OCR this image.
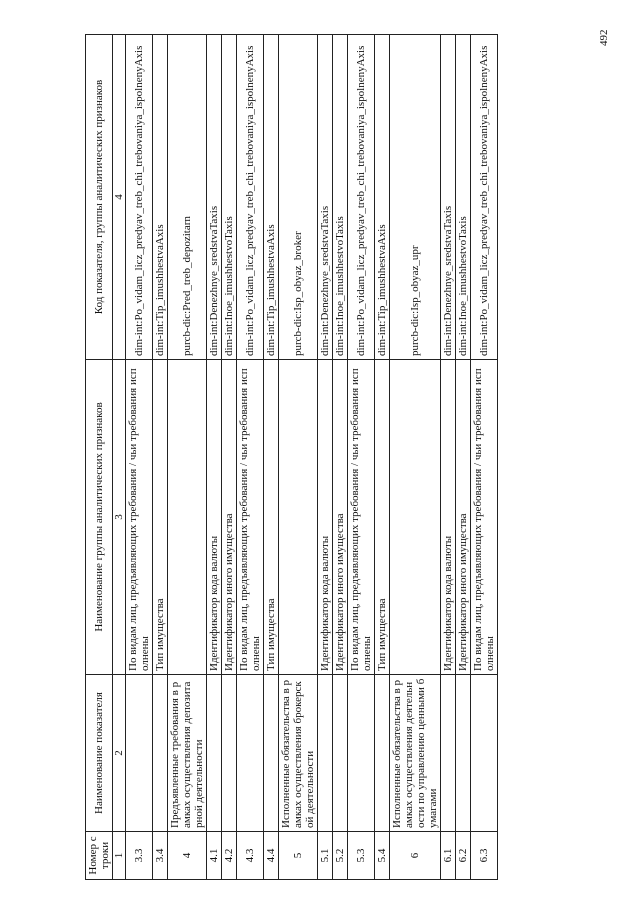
492
Номер строки	Наименование показателя	Наименование группы аналитических признаков	Код показателя, группы аналитических признаков
1	2	3	4
3.3		По видам лиц, предъявляющих требования / чьи требования исполнены	dim-int:Po_vidam_licz_predyav_treb_chi_trebovaniya_ispolnenyAxis
3.4		Тип имущества	dim-int:Tip_imushhestvaAxis
4	Предъявленные требования в рамках осуществления депозитарной деятельности		purcb-dic:Pred_treb_depozitarn
4.1		Идентификатор кода валюты	dim-int:Denezhnye_sredstvaTaxis
4.2		Идентификатор иного имущества	dim-int:Inoe_imushhestvoTaxis
4.3		По видам лиц, предъявляющих требования / чьи требования исполнены	dim-int:Po_vidam_licz_predyav_treb_chi_trebovaniya_ispolnenyAxis
4.4		Тип имущества	dim-int:Tip_imushhestvaAxis
5	Исполненные обязательства в рамках осуществления брокерской деятельности		purcb-dic:Isp_obyaz_broker
5.1		Идентификатор кода валюты	dim-int:Denezhnye_sredstvaTaxis
5.2		Идентификатор иного имущества	dim-int:Inoe_imushhestvoTaxis
5.3		По видам лиц, предъявляющих требования / чьи требования исполнены	dim-int:Po_vidam_licz_predyav_treb_chi_trebovaniya_ispolnenyAxis
5.4		Тип имущества	dim-int:Tip_imushhestvaAxis
6	Исполненные обязательства в рамках осуществления деятельности по управлению ценными бумагами		purcb-dic:Isp_obyaz_upr
6.1		Идентификатор кода валюты	dim-int:Denezhnye_sredstvaTaxis
6.2		Идентификатор иного имущества	dim-int:Inoe_imushhestvoTaxis
6.3		По видам лиц, предъявляющих требования / чьи требования исполнены	dim-int:Po_vidam_licz_predyav_treb_chi_trebovaniya_ispolnenyAxis
